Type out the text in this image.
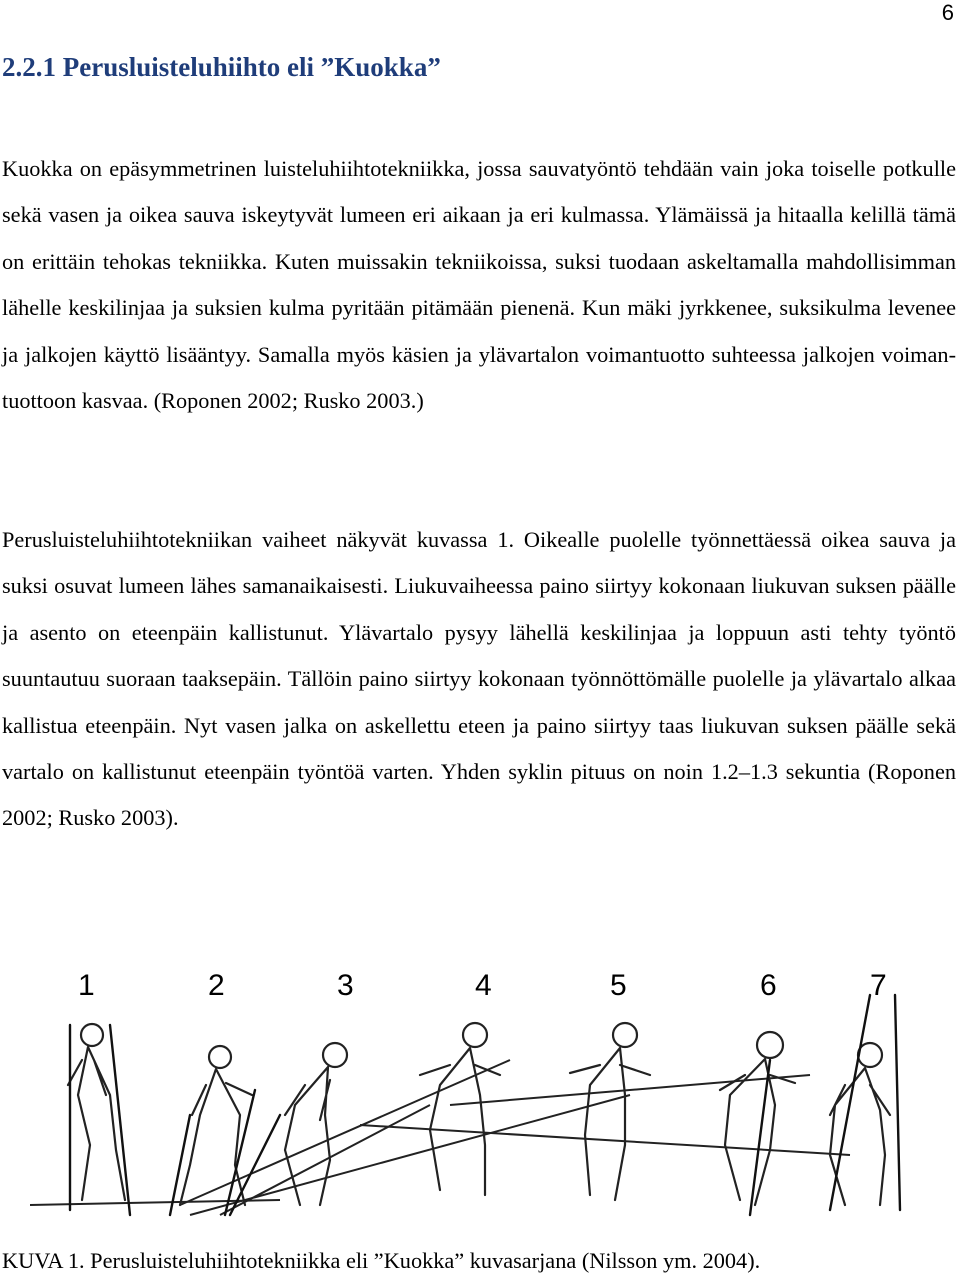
6
2.2.1 Perusluisteluhiihto eli ”Kuokka”

Kuokka on epäsymmetrinen luisteluhiihtotekniikka, jossa sauvatyöntö tehdään vain joka toiselle potkulle sekä vasen ja oikea sauva iskeytyvät lumeen eri aikaan ja eri kulmassa. Ylämäissä ja hitaalla kelillä tämä on erittäin tehokas tekniikka. Kuten muissakin tekniikoissa, suksi tuodaan askeltamalla mahdollisimman lähelle keskilinjaa ja suksien kulma pyritään pitämään pienenä. Kun mäki jyrkkenee, suksikulma levenee ja jalkojen käyttö lisääntyy. Samalla myös käsien ja ylävartalon voimantuotto suhteessa jalkojen voimantuottoon kasvaa. (Roponen 2002; Rusko 2003.)

Perusluisteluhiihtotekniikan vaiheet näkyvät kuvassa 1. Oikealle puolelle työnnettäessä oikea sauva ja suksi osuvat lumeen lähes samanaikaisesti. Liukuvaiheessa paino siirtyy kokonaan liukuvan suksen päälle ja asento on eteenpäin kallistunut. Ylävartalo pysyy lähellä keskilinjaa ja loppuun asti tehty työntö suuntautuu suoraan taaksepäin. Tällöin paino siirtyy kokonaan työnnöttömälle puolelle ja ylävartalo alkaa kallistua eteenpäin. Nyt vasen jalka on askellettu eteen ja paino siirtyy taas liukuvan suksen päälle sekä vartalo on kallistunut eteenpäin työntöä varten. Yhden syklin pituus on noin 1.2–1.3 sekuntia (Roponen 2002; Rusko 2003).

1	2	3	4	5	6	7
KUVA 1. Perusluisteluhiihtotekniikka eli ”Kuokka” kuvasarjana (Nilsson ym. 2004).
